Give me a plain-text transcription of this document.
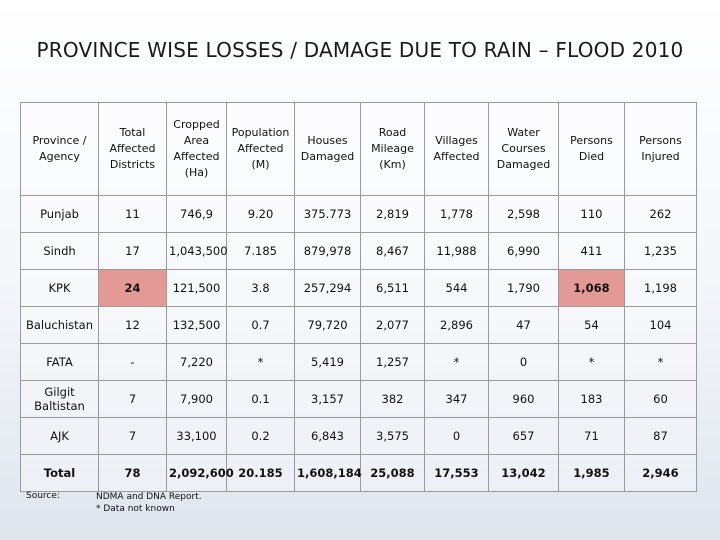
PROVINCE WISE LOSSES / DAMAGE DUE TO RAIN – FLOOD 2010
Province / Agency	Total Affected Districts	Cropped Area Affected (Ha)	Population Affected (M)	Houses Damaged	Road Mileage (Km)	Villages Affected	Water Courses Damaged	Persons Died	Persons Injured
Punjab	11	746,9	9.20	375.773	2,819	1,778	2,598	110	262
Sindh	17	1,043,500	7.185	879,978	8,467	11,988	6,990	411	1,235
KPK	24	121,500	3.8	257,294	6,511	544	1,790	1,068	1,198
Baluchistan	12	132,500	0.7	79,720	2,077	2,896	47	54	104
FATA	-	7,220	*	5,419	1,257	*	0	*	*
Gilgit Baltistan	7	7,900	0.1	3,157	382	347	960	183	60
AJK	7	33,100	0.2	6,843	3,575	0	657	71	87
Total	78	2,092,600	20.185	1,608,184	25,088	17,553	13,042	1,985	2,946
Source:	NDMA and DNA Report.
* Data not known
